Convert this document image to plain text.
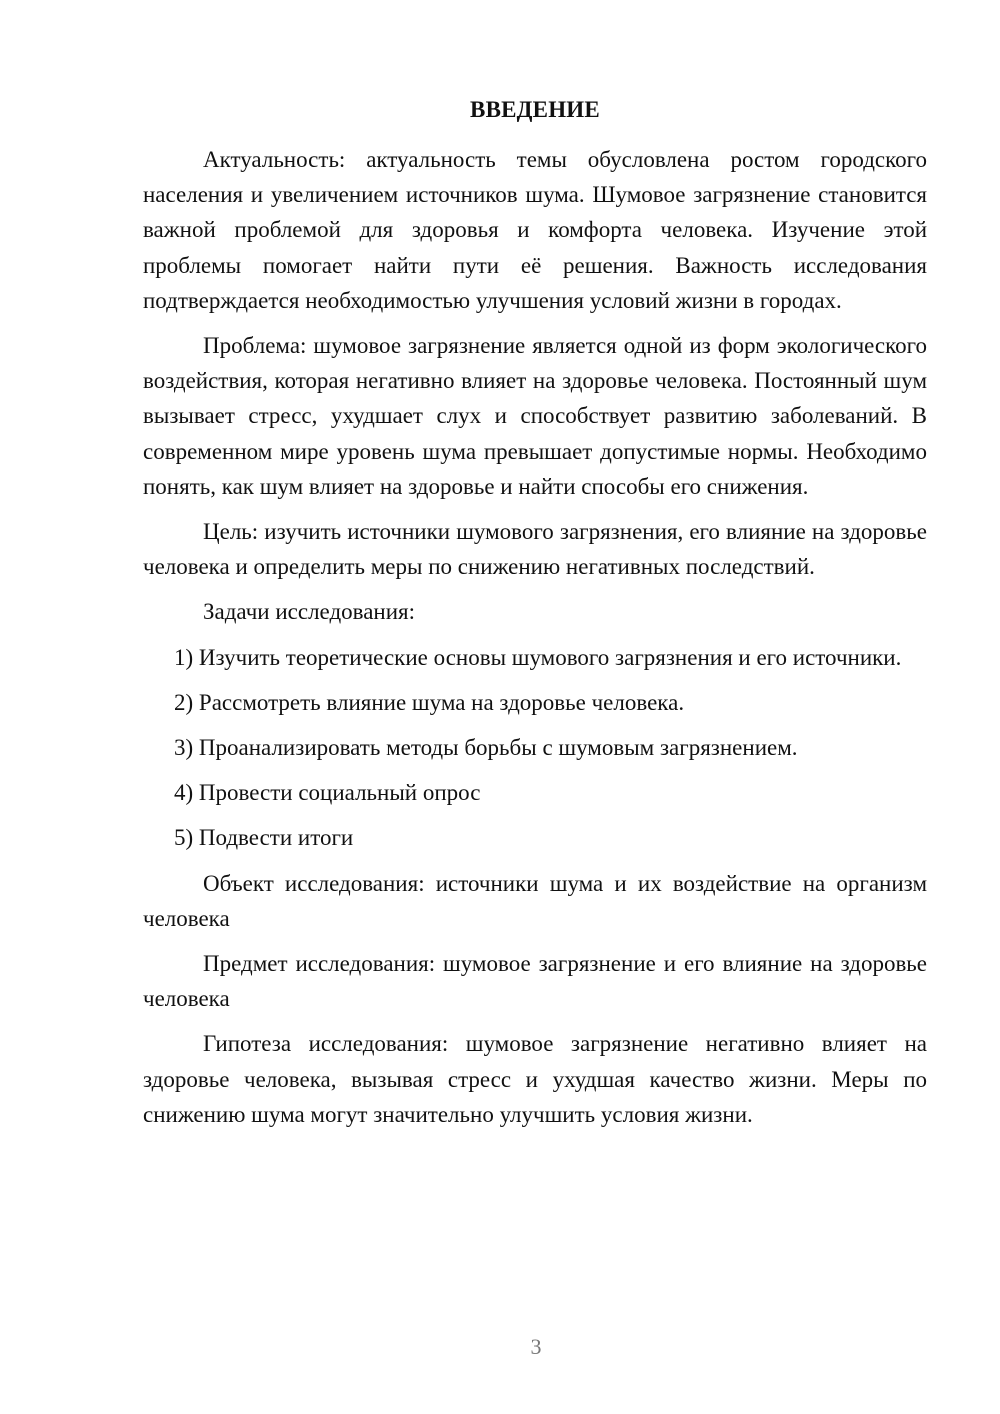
ВВЕДЕНИЕ

Актуальность: актуальность темы обусловлена ростом городского населения и увеличением источников шума. Шумовое загрязнение становится важной проблемой для здоровья и комфорта человека. Изучение этой проблемы помогает найти пути её решения. Важность исследования подтверждается необходимостью улучшения условий жизни в городах.

Проблема: шумовое загрязнение является одной из форм экологического воздействия, которая негативно влияет на здоровье человека. Постоянный шум вызывает стресс, ухудшает слух и способствует развитию заболеваний. В современном мире уровень шума превышает допустимые нормы. Необходимо понять, как шум влияет на здоровье и найти способы его снижения.

Цель: изучить источники шумового загрязнения, его влияние на здоровье человека и определить меры по снижению негативных последствий.

Задачи исследования:

1) Изучить теоретические основы шумового загрязнения и его источники.
2) Рассмотреть влияние шума на здоровье человека.
3) Проанализировать методы борьбы с шумовым загрязнением.
4) Провести социальный опрос
5) Подвести итоги

Объект исследования: источники шума и их воздействие на организм человека

Предмет исследования: шумовое загрязнение и его влияние на здоровье человека

Гипотеза исследования: шумовое загрязнение негативно влияет на здоровье человека, вызывая стресс и ухудшая качество жизни. Меры по снижению шума могут значительно улучшить условия жизни.

3
